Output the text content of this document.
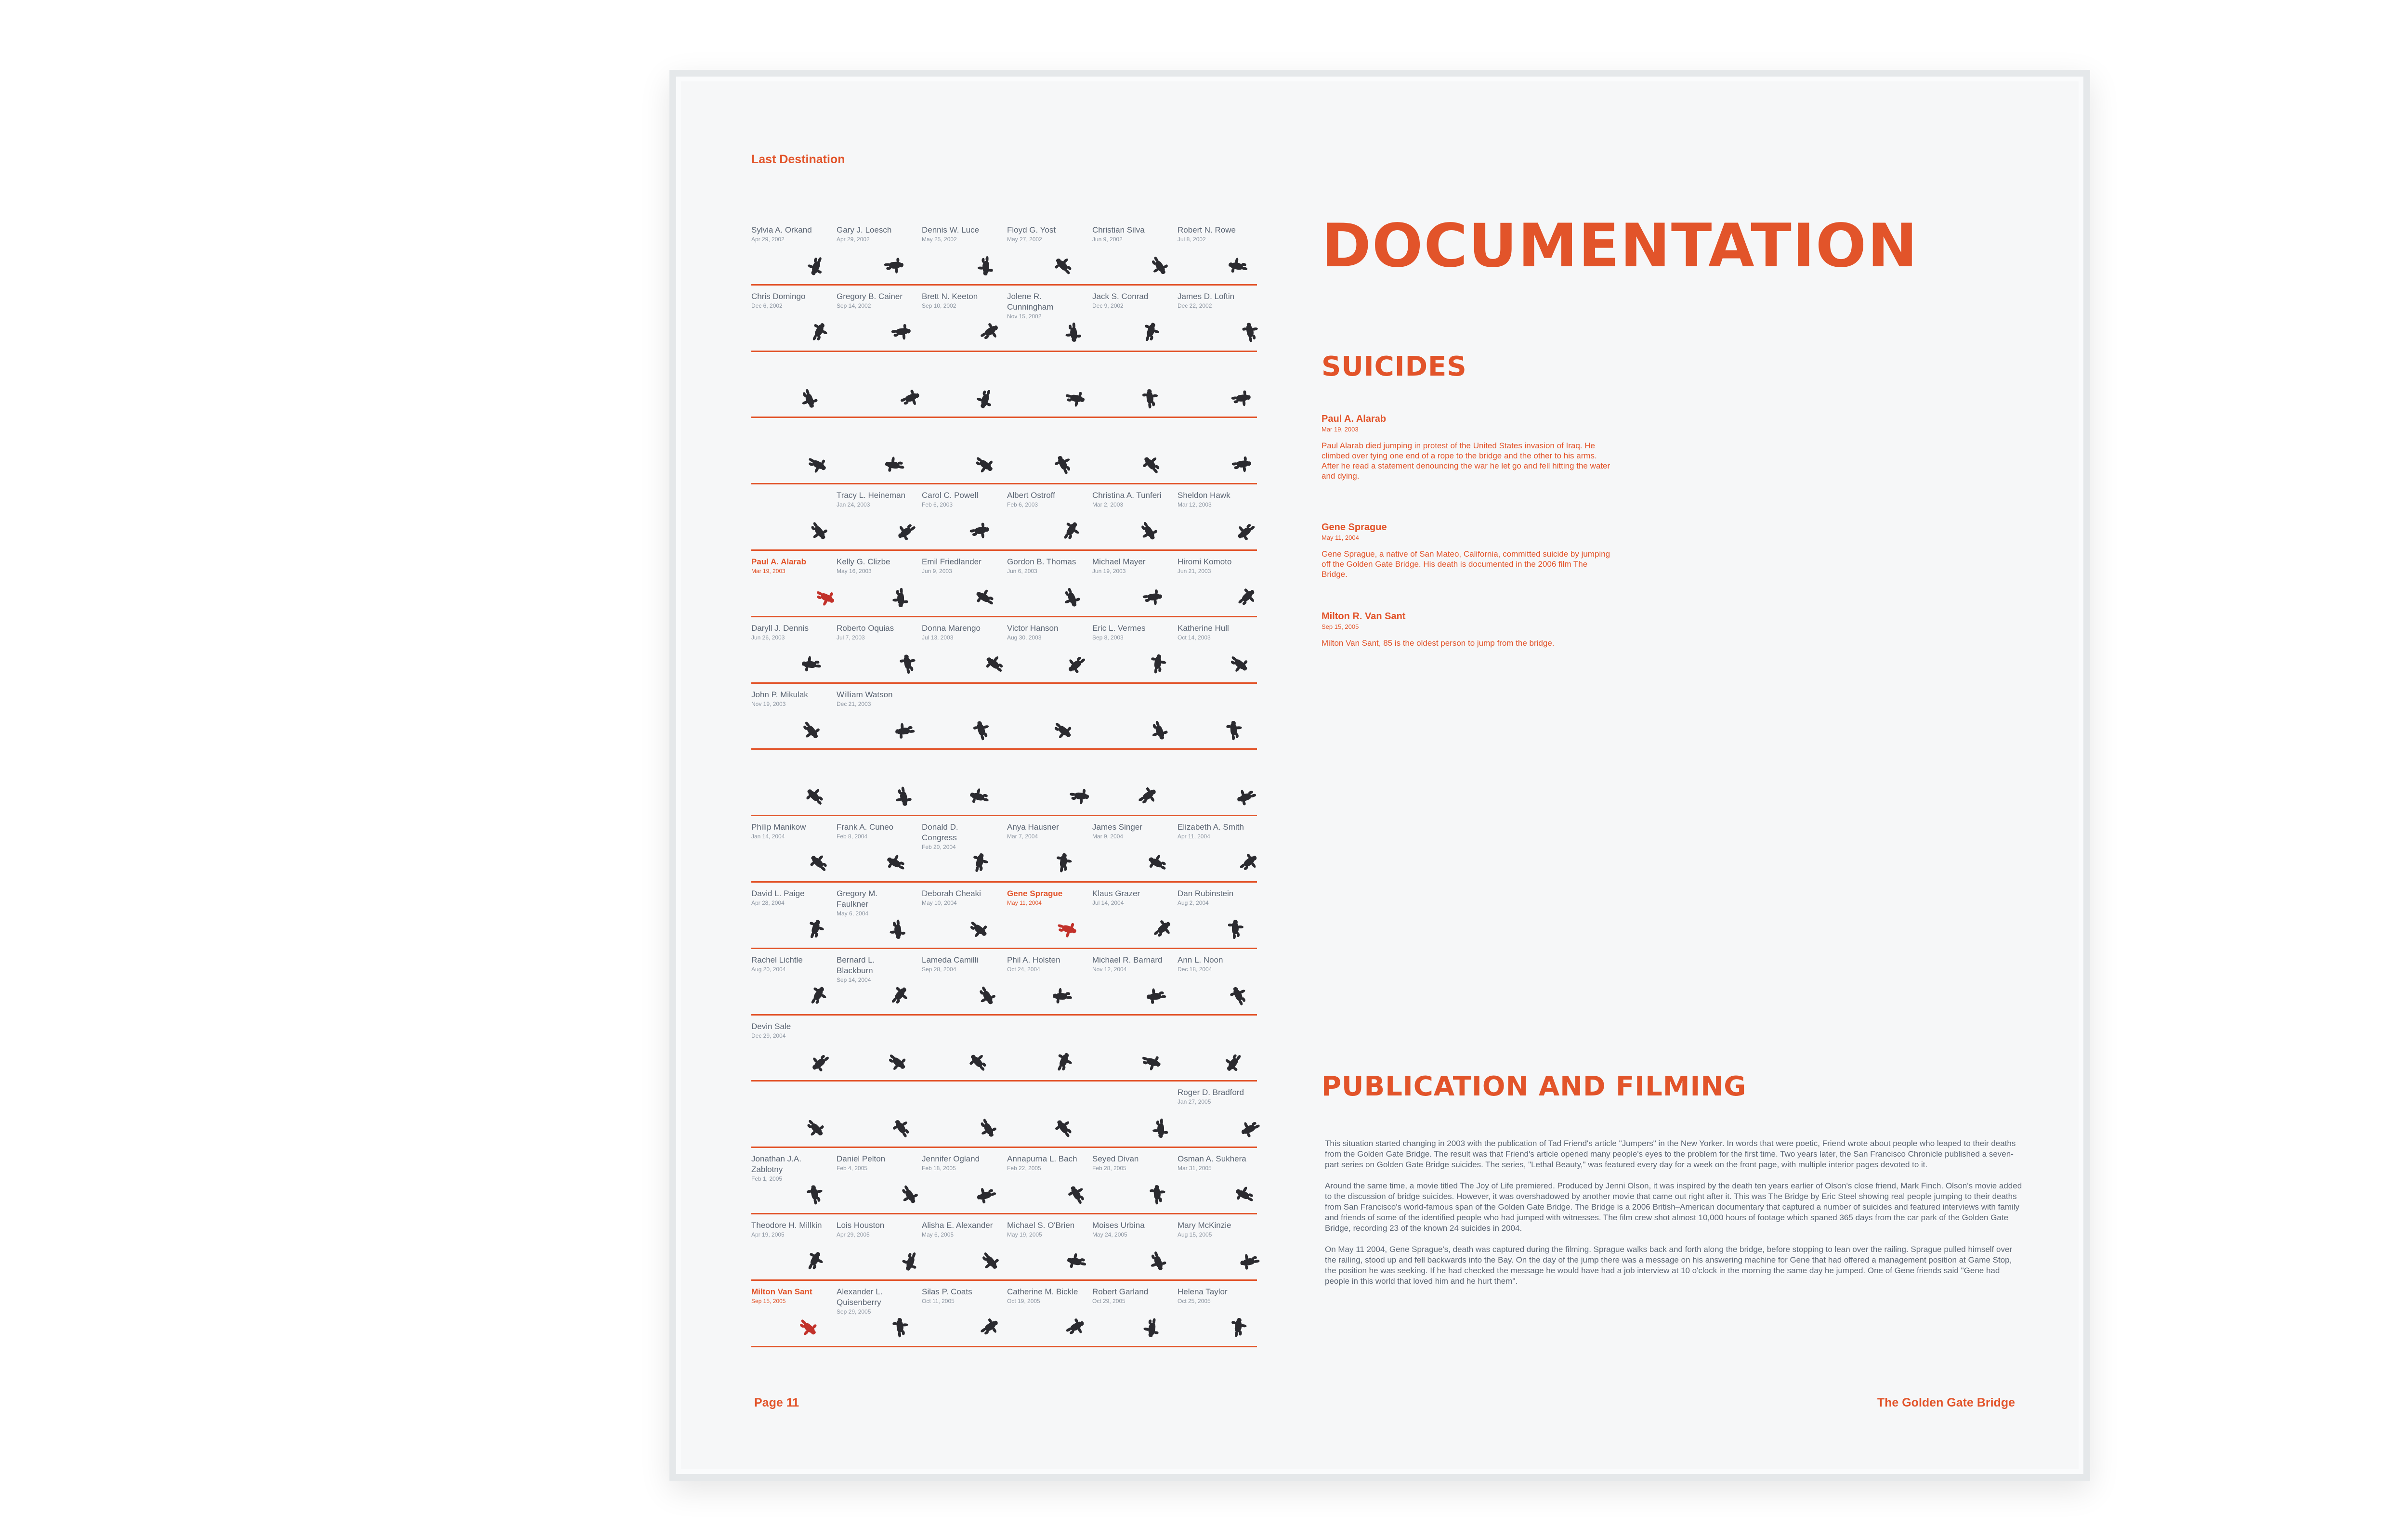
Last Destination
Sylvia A. Orkand
Apr 29, 2002
Gary J. Loesch
Apr 29, 2002
Dennis W. Luce
May 25, 2002
Floyd G. Yost
May 27, 2002
Christian Silva
Jun 9, 2002
Robert N. Rowe
Jul 8, 2002
Chris Domingo
Dec 6, 2002
Gregory B. Cainer
Sep 14, 2002
Brett N. Keeton
Sep 10, 2002
Jolene R. Cunningham
Nov 15, 2002
Jack S. Conrad
Dec 9, 2002
James D. Loftin
Dec 22, 2002
Tracy L. Heineman
Jan 24, 2003
Carol C. Powell
Feb 6, 2003
Albert Ostroff
Feb 6, 2003
Christina A. Tunferi
Mar 2, 2003
Sheldon Hawk
Mar 12, 2003
Paul A. Alarab
Mar 19, 2003
Kelly G. Clizbe
May 16, 2003
Emil Friedlander
Jun 9, 2003
Gordon B. Thomas
Jun 6, 2003
Michael Mayer
Jun 19, 2003
Hiromi Komoto
Jun 21, 2003
Daryll J. Dennis
Jun 26, 2003
Roberto Oquias
Jul 7, 2003
Donna Marengo
Jul 13, 2003
Victor Hanson
Aug 30, 2003
Eric L. Vermes
Sep 8, 2003
Katherine Hull
Oct 14, 2003
John P. Mikulak
Nov 19, 2003
William Watson
Dec 21, 2003
Philip Manikow
Jan 14, 2004
Frank A. Cuneo
Feb 8, 2004
Donald D. Congress
Feb 20, 2004
Anya Hausner
Mar 7, 2004
James Singer
Mar 9, 2004
Elizabeth A. Smith
Apr 11, 2004
David L. Paige
Apr 28, 2004
Gregory M. Faulkner
May 6, 2004
Deborah Cheaki
May 10, 2004
Gene Sprague
May 11, 2004
Klaus Grazer
Jul 14, 2004
Dan Rubinstein
Aug 2, 2004
Rachel Lichtle
Aug 20, 2004
Bernard L. Blackburn
Sep 14, 2004
Lameda Camilli
Sep 28, 2004
Phil A. Holsten
Oct 24, 2004
Michael R. Barnard
Nov 12, 2004
Ann L. Noon
Dec 18, 2004
Devin Sale
Dec 29, 2004
Roger D. Bradford
Jan 27, 2005
Jonathan J.A. Zablotny
Feb 1, 2005
Daniel Pelton
Feb 4, 2005
Jennifer Ogland
Feb 18, 2005
Annapurna L. Bach
Feb 22, 2005
Seyed Divan
Feb 28, 2005
Osman A. Sukhera
Mar 31, 2005
Theodore H. Millkin
Apr 19, 2005
Lois Houston
Apr 29, 2005
Alisha E. Alexander
May 6, 2005
Michael S. O'Brien
May 19, 2005
Moises Urbina
May 24, 2005
Mary McKinzie
Aug 15, 2005
Milton Van Sant
Sep 15, 2005
Alexander L. Quisenberry
Sep 29, 2005
Silas P. Coats
Oct 11, 2005
Catherine M. Bickle
Oct 19, 2005
Robert Garland
Oct 29, 2005
Helena Taylor
Oct 25, 2005
DOCUMENTATION
SUICIDES
Paul A. Alarab
Mar 19, 2003
Paul Alarab died jumping in protest of the United States invasion of Iraq. He climbed over tying one end of a rope to the bridge and the other to his arms. After he read a statement denouncing the war he let go and fell hitting the water and dying.
Gene Sprague
May 11, 2004
Gene Sprague, a native of San Mateo, California, committed suicide by jumping off the Golden Gate Bridge. His death is documented in the 2006 film The Bridge.
Milton R. Van Sant
Sep 15, 2005
Milton Van Sant, 85 is the oldest person to jump from the bridge.
PUBLICATION AND FILMING

This situation started changing in 2003 with the publication of Tad Friend's article "Jumpers" in the New Yorker. In words that were poetic, Friend wrote about people who leaped to their deaths from the Golden Gate Bridge. The result was that Friend's article opened many people's eyes to the problem for the first time. Two years later, the San Francisco Chronicle published a seven-part series on Golden Gate Bridge suicides. The series, "Lethal Beauty," was featured every day for a week on the front page, with multiple interior pages devoted to it.

Around the same time, a movie titled The Joy of Life premiered. Produced by Jenni Olson, it was inspired by the death ten years earlier of Olson's close friend, Mark Finch. Olson's movie added to the discussion of bridge suicides. However, it was overshadowed by another movie that came out right after it. This was The Bridge by Eric Steel showing real people jumping to their deaths from San Francisco's world-famous span of the Golden Gate Bridge. The Bridge is a 2006 British–American documentary that captured a number of suicides and featured interviews with family and friends of some of the identified people who had jumped with witnesses. The film crew shot almost 10,000 hours of footage which spaned 365 days from the car park of the Golden Gate Bridge, recording 23 of the known 24 suicides in 2004.

On May 11 2004, Gene Sprague's, death was captured during the filming. Sprague walks back and forth along the bridge, before stopping to lean over the railing. Sprague pulled himself over the railing, stood up and fell backwards into the Bay. On the day of the jump there was a message on his answering machine for Gene that had offered a management position at Game Stop, the position he was seeking. If he had checked the message he would have had a job interview at 10 o'clock in the morning the same day he jumped. One of Gene friends said "Gene had people in this world that loved him and he hurt them".

Page 11	The Golden Gate Bridge
